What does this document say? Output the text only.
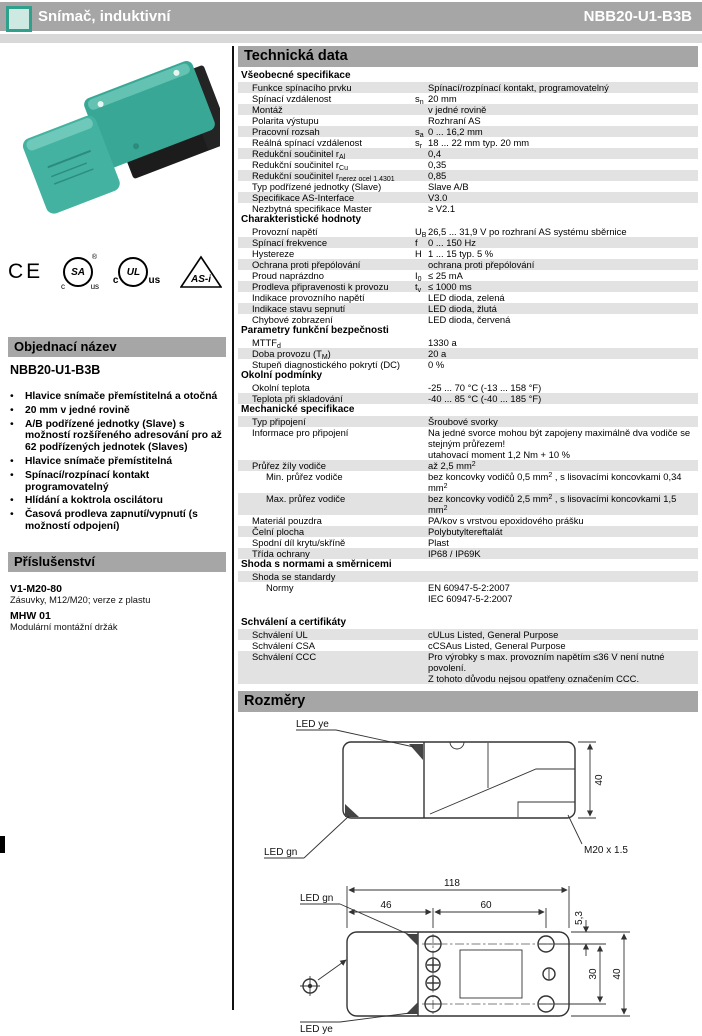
Snímač, induktivní	NBB20-U1-B3B
CE	SA
®
c	us
c
UL
us	AS-i
Objednací název
NBB20-U1-B3B
•	Hlavice snímače přemístitelná a otočná
•	20 mm v jedné rovině
•	A/B podřízené jednotky (Slave) s možností rozšířeného adresování pro až 62 podřízených jednotek (Slaves)
•	Hlavice snímače přemístitelná
•	Spínací/rozpínací kontakt programovatelný
•	Hlídání a koktrola oscilátoru
•	Časová prodleva zapnutí/vypnutí (s možností odpojení)
Příslušenství
V1-M20-80
Zásuvky, M12/M20; verze z plastu
MHW 01
Modulární montážní držák
Technická data
Všeobecné specifikace
Funkce spínacího prvku	Spínací/rozpínací kontakt, programovatelný
Spínací vzdálenost	$s_n$ 20 mm
Montáž	v jedné rovině
Polarita výstupu	Rozhraní AS
Pracovní rozsah	$s_a$ 0 ... 16,2 mm
Reálná spínací vzdálenost	$s_r$ 18 ... 22 mm typ. 20 mm
Redukční součinitel $r_{Al}$	0,4
Redukční součinitel $r_{Cu}$	0,35
Redukční součinitel $r_{nerez ocel 1.4301}$	0,85
Typ podřízené jednotky (Slave)	Slave A/B
Specifikace AS-Interface	V3.0
Nezbytná specifikace Master	≥ V2.1
Charakteristické hodnoty
Provozní napětí	$U_B$ 26,5 ... 31,9 V po rozhraní AS systému sběrnice
Spínací frekvence	f	0 ... 150 Hz
Hystereze	H 1 ... 15 typ. 5 %
Ochrana proti přepólování	ochrana proti přepólování
Proud naprázdno	$I_0 \le 25$ mA
Prodleva připravenosti k provozu	$t_v \le 1000$ ms
Indikace provozního napětí	LED dioda, zelená
Indikace stavu sepnutí	LED dioda, žlutá
Chybové zobrazení	LED dioda, červená
Parametry funkční bezpečnosti
$MTTF_d$	1330 a
Doba provozu $(T_M)$	20 a
Stupeň diagnostického pokrytí (DC)	0 %
Okolní podmínky
Okolní teplota	-25 ... 70 °C (-13 ... 158 °F)
Teplota při skladování	-40 ... 85 °C (-40 ... 185 °F)
Mechanické specifikace
Typ připojení	Šroubové svorky
Informace pro připojení	Na jedné svorce mohou být zapojeny maximálně dva vodiče se stejným průřezem!
utahovací moment 1,2 Nm + 10 %
Průřez žíly vodiče	až 2,5 $mm^2$
Min. průřez vodiče	bez koncovky vodičů 0,5 $mm^2$ , s lisovacími koncovkami 0,34 $mm^2$
Max. průřez vodiče	bez koncovky vodičů 2,5 $mm^2$ , s lisovacími koncovkami 1,5 $mm^2$
Materiál pouzdra	PA/kov s vrstvou epoxidového prášku
Čelní plocha	Polybutyltereftalát
Spodní díl krytu/skříně	Plast
Třída ochrany	IP68 / IP69K
Shoda s normami a směrnicemi
Shoda se standardy
Normy	EN 60947-5-2:2007
IEC 60947-5-2:2007
Schválení a certifikáty
Schválení UL	cULus Listed, General Purpose
Schválení CSA	cCSAus Listed, General Purpose
Schválení CCC	Pro výrobky s max. provozním napětím ≤36 V není nutné povolení.
Z tohoto důvodu nejsou opatřeny označením CCC.
Rozměry
40
LED ye
LED gn	M20 x 1.5
118
46	60
5,3
30 40
LED gn
LED ye
